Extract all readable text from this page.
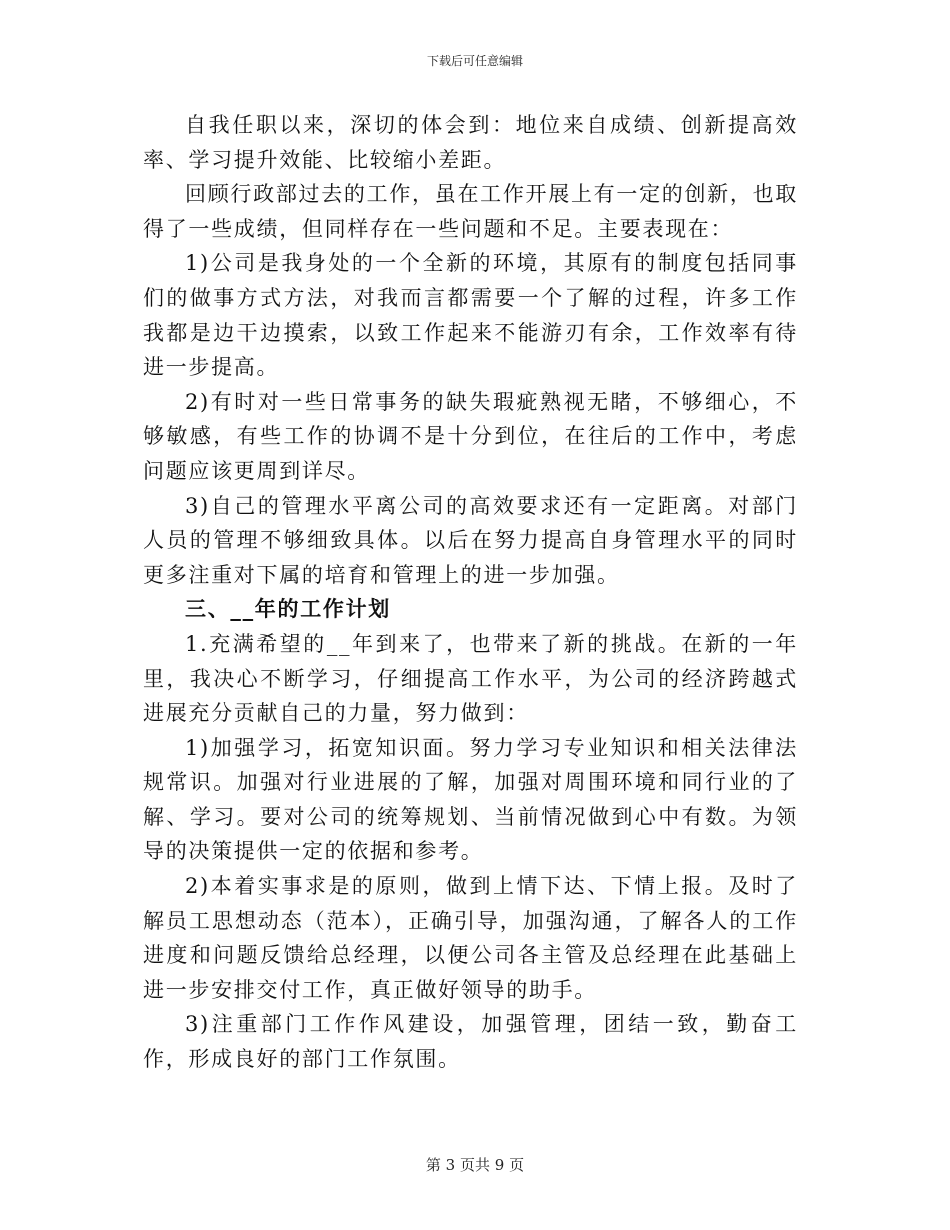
下载后可任意编辑

自我任职以来，深切的体会到：地位来自成绩、创新提高效率、学习提升效能、比较缩小差距。

回顾行政部过去的工作，虽在工作开展上有一定的创新，也取得了一些成绩，但同样存在一些问题和不足。主要表现在：

1)公司是我身处的一个全新的环境，其原有的制度包括同事们的做事方式方法，对我而言都需要一个了解的过程，许多工作我都是边干边摸索，以致工作起来不能游刃有余，工作效率有待进一步提高。

2)有时对一些日常事务的缺失瑕疵熟视无睹，不够细心，不够敏感，有些工作的协调不是十分到位，在往后的工作中，考虑问题应该更周到详尽。

3)自己的管理水平离公司的高效要求还有一定距离。对部门人员的管理不够细致具体。以后在努力提高自身管理水平的同时更多注重对下属的培育和管理上的进一步加强。

三、__年的工作计划

1.充满希望的__年到来了，也带来了新的挑战。在新的一年里，我决心不断学习，仔细提高工作水平，为公司的经济跨越式进展充分贡献自己的力量，努力做到：

1)加强学习，拓宽知识面。努力学习专业知识和相关法律法规常识。加强对行业进展的了解，加强对周围环境和同行业的了解、学习。要对公司的统筹规划、当前情况做到心中有数。为领导的决策提供一定的依据和参考。

2)本着实事求是的原则，做到上情下达、下情上报。及时了解员工思想动态（范本），正确引导，加强沟通，了解各人的工作进度和问题反馈给总经理，以便公司各主管及总经理在此基础上进一步安排交付工作，真正做好领导的助手。

3)注重部门工作作风建设，加强管理，团结一致，勤奋工作，形成良好的部门工作氛围。

第 3 页共 9 页
